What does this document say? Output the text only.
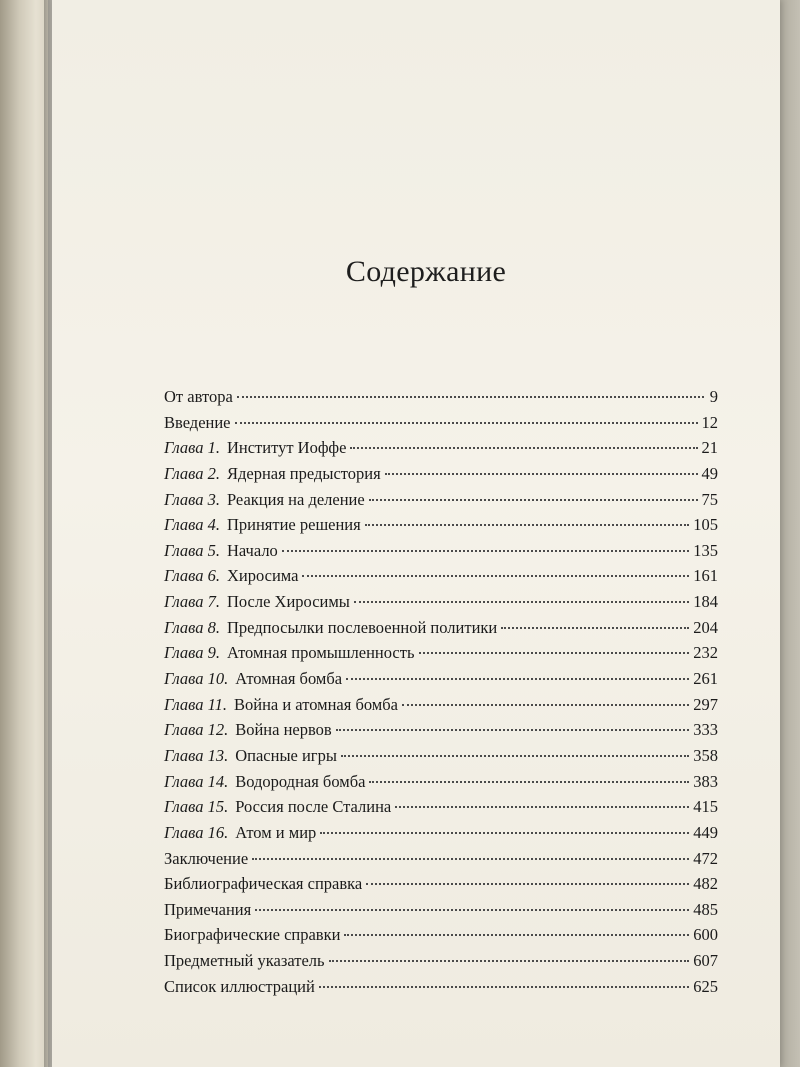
Содержание
От автора	9
Введение	12
Глава 1. Институт Иоффе	21
Глава 2. Ядерная предыстория	49
Глава 3. Реакция на деление	75
Глава 4. Принятие решения	105
Глава 5. Начало	135
Глава 6. Хиросима	161
Глава 7. После Хиросимы	184
Глава 8. Предпосылки послевоенной политики	204
Глава 9. Атомная промышленность	232
Глава 10. Атомная бомба	261
Глава 11. Война и атомная бомба	297
Глава 12. Война нервов	333
Глава 13. Опасные игры	358
Глава 14. Водородная бомба	383
Глава 15. Россия после Сталина	415
Глава 16. Атом и мир	449
Заключение	472
Библиографическая справка	482
Примечания	485
Биографические справки	600
Предметный указатель	607
Список иллюстраций	625
